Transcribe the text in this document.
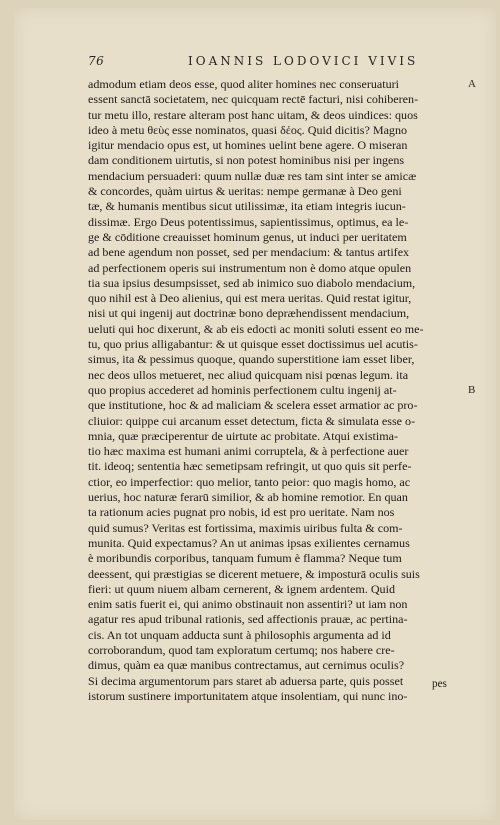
76	IOANNIS LODOVICI VIVIS
admodum etiam deos esse, quod aliter homines nec conseruaturi
essent sanctā societatem, nec quicquam rectē facturi, nisi cohiberen-
tur metu illo, restare alteram post hanc uitam, & deos uindices: quos
ideo à metu θεὺς esse nominatos, quasi δέος. Quid dicitis? Magno
igitur mendacio opus est, ut homines uelint bene agere. O miseran
dam conditionem uirtutis, si non potest hominibus nisi per ingens
mendacium persuaderi: quum nullæ duæ res tam sint inter se amicæ
& concordes, quàm uirtus & ueritas: nempe germanæ à Deo geni
tæ, & humanis mentibus sicut utilissimæ, ita etiam integris iucun-
dissimæ. Ergo Deus potentissimus, sapientissimus, optimus, ea le-
ge & cōditione creauisset hominum genus, ut induci per ueritatem
ad bene agendum non posset, sed per mendacium: & tantus artifex
ad perfectionem operis sui instrumentum non è domo atque opulen
tia sua ipsius desumpsisset, sed ab inimico suo diabolo mendacium,
quo nihil est à Deo alienius, qui est mera ueritas. Quid restat igitur,
nisi ut qui ingenij aut doctrinæ bono depræhendissent mendacium,
ueluti qui hoc dixerunt, & ab eis edocti ac moniti soluti essent eo me-
tu, quo prius alligabantur: & ut quisque esset doctissimus uel acutis-
simus, ita & pessimus quoque, quando superstitione iam esset liber,
nec deos ullos metueret, nec aliud quicquam nisi pœnas legum. ita
quo propius accederet ad hominis perfectionem cultu ingenij at-
que institutione, hoc & ad maliciam & scelera esset armatior ac pro-
cliuior: quippe cui arcanum esset detectum, ficta & simulata esse o-
mnia, quæ præciperentur de uirtute ac probitate. Atqui existima-
tio hæc maxima est humani animi corruptela, & à perfectione auer
tit. ideoq; sententia hæc semetipsam refringit, ut quo quis sit perfe-
ctior, eo imperfectior: quo melior, tanto peior: quo magis homo, ac
uerius, hoc naturæ ferarū similior, & ab homine remotior. En quan
ta rationum acies pugnat pro nobis, id est pro ueritate. Nam nos
quid sumus? Veritas est fortissima, maximis uiribus fulta & com-
munita. Quid expectamus? An ut animas ipsas exilientes cernamus
è moribundis corporibus, tanquam fumum è flamma? Neque tum
deessent, qui præstigias se dicerent metuere, & imposturā oculis suis
fieri: ut quum niuem albam cernerent, & ignem ardentem. Quid
enim satis fuerit ei, qui animo obstinauit non assentiri? ut iam non
agatur res apud tribunal rationis, sed affectionis prauæ, ac pertina-
cis. An tot unquam adducta sunt à philosophis argumenta ad id
corroborandum, quod tam exploratum certumq; nos habere cre-
dimus, quàm ea quæ manibus contrectamus, aut cernimus oculis?
Si decima argumentorum pars staret ab aduersa parte, quis posset
istorum sustinere importunitatem atque insolentiam, qui nunc ino-
A
B
pes
